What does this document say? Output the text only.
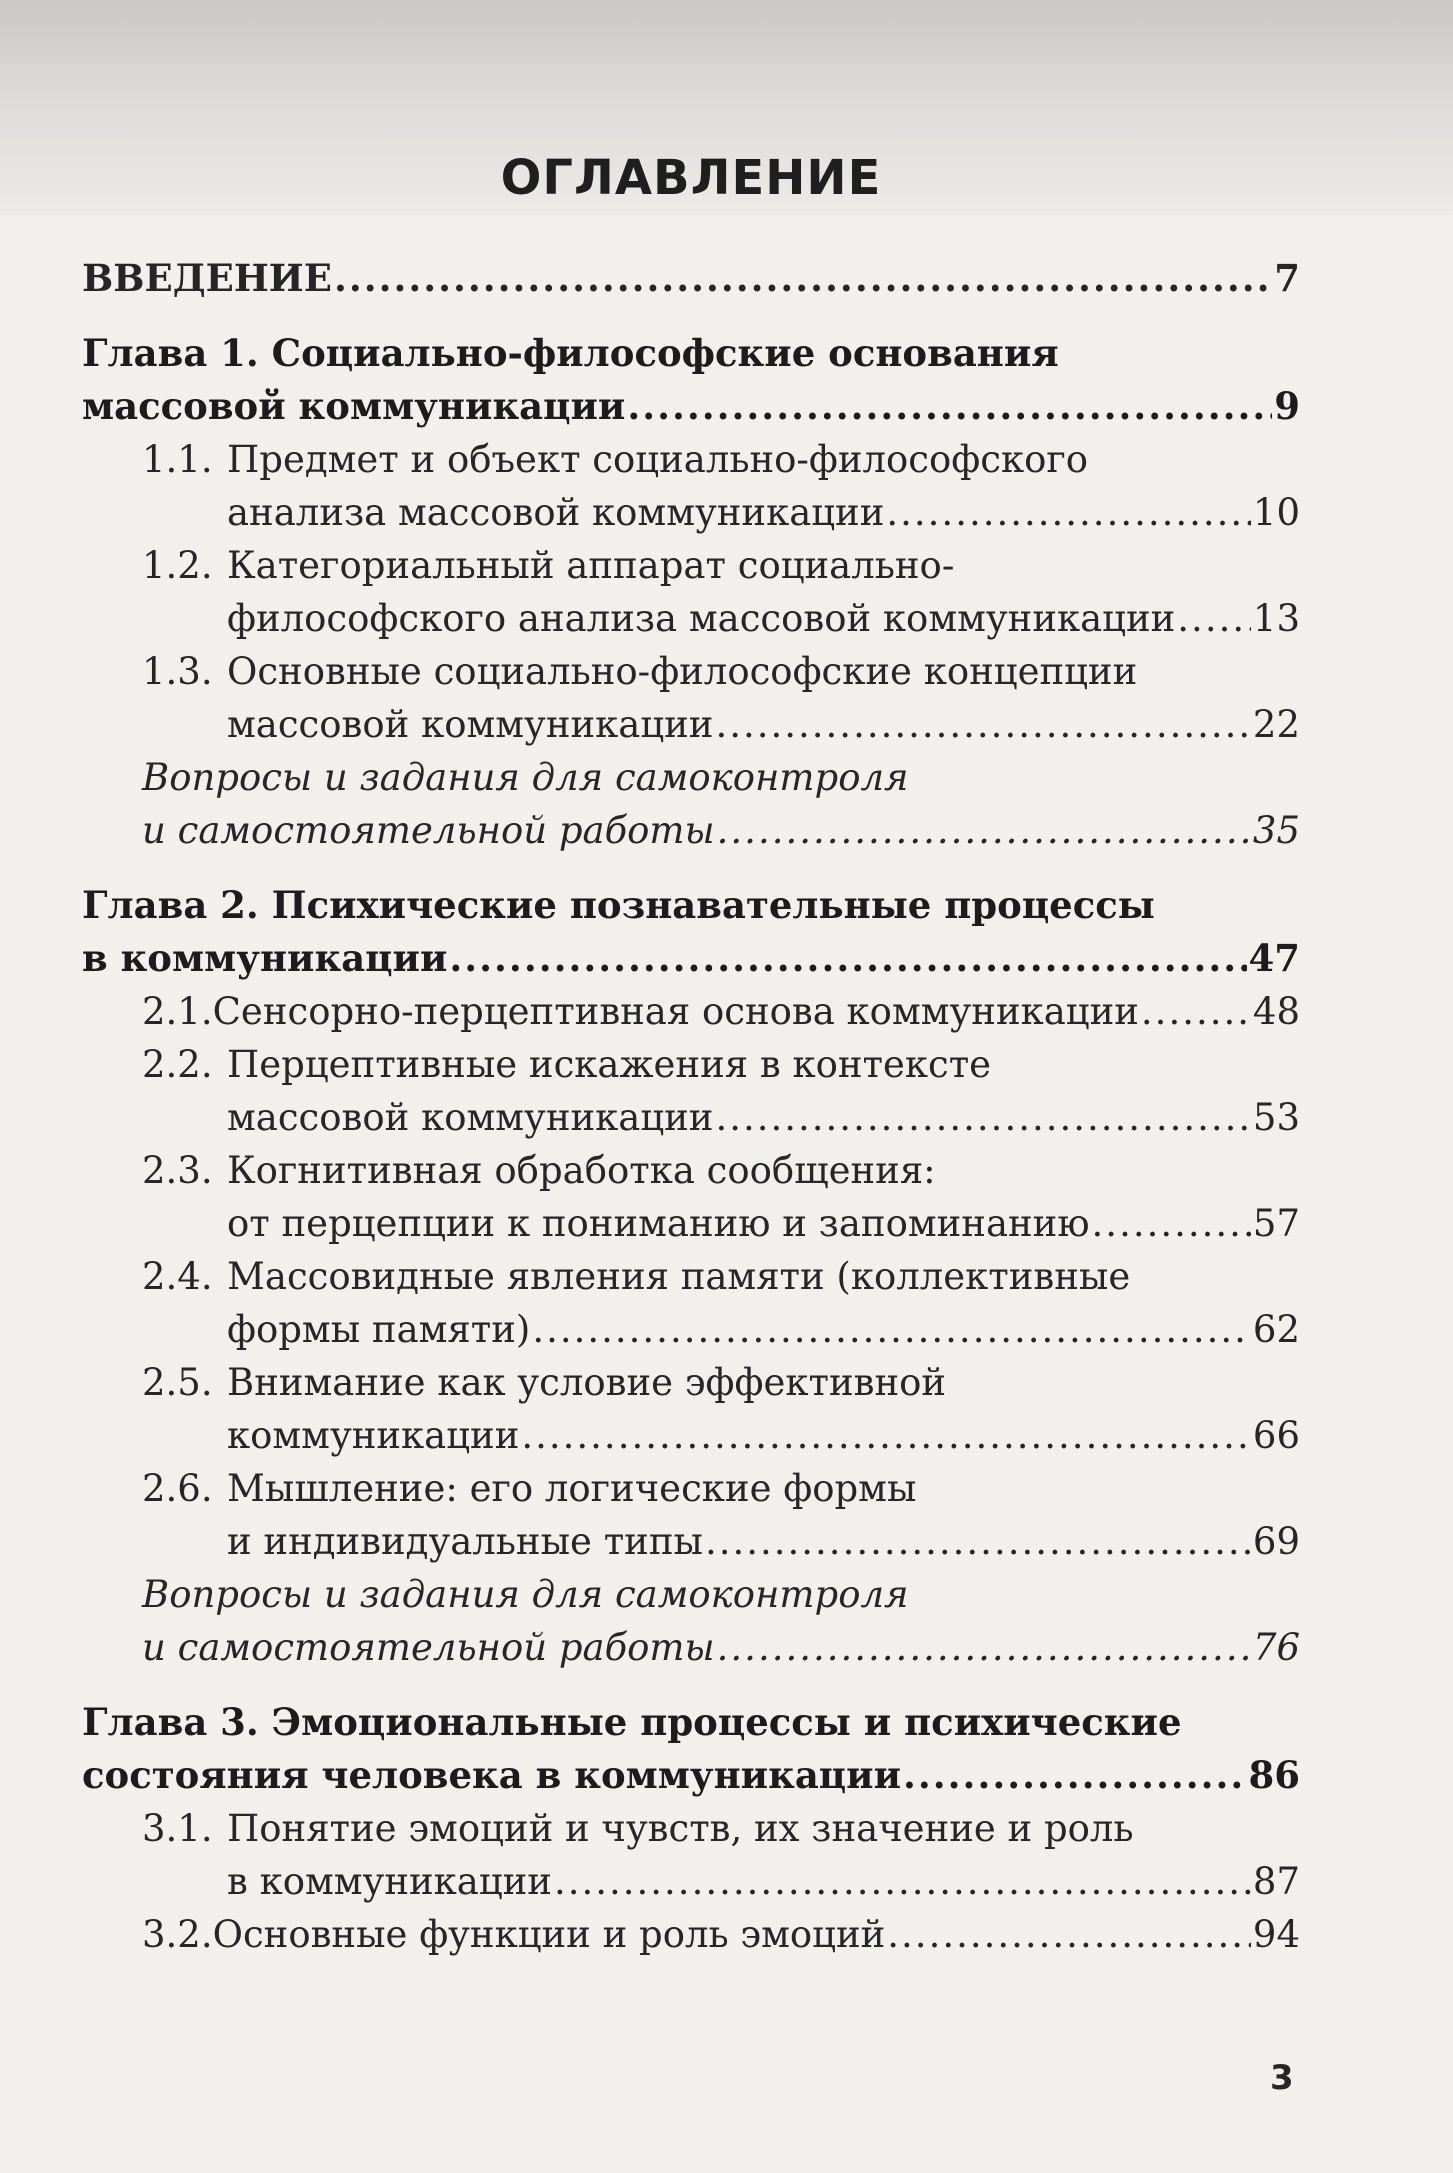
ОГЛАВЛЕНИЕ
ВВЕДЕНИЕ .....	7
Глава 1. Социально-философские основания
массовой коммуникации .....	9
1.1. Предмет и объект социально-философского
анализа массовой коммуникации .....	10
1.2. Категориальный аппарат социально-
философского анализа массовой коммуникации ..... 13
1.3. Основные социально-философские концепции
массовой коммуникации .....	22
Вопросы и задания для самоконтроля
и самостоятельной работы .....	35
Глава 2. Психические познавательные процессы
в коммуникации .....	47
2.1. Сенсорно-перцептивная основа коммуникации .....	48
2.2. Перцептивные искажения в контексте
массовой коммуникации .....	53
2.3. Когнитивная обработка сообщения:
от перцепции к пониманию и запоминанию .....	57
2.4. Массовидные явления памяти (коллективные
формы памяти) .....	62
2.5. Внимание как условие эффективной
коммуникации .....	66
2.6. Мышление: его логические формы
и индивидуальные типы .....	69
Вопросы и задания для самоконтроля
и самостоятельной работы .....	76
Глава 3. Эмоциональные процессы и психические
состояния человека в коммуникации .....	86
3.1. Понятие эмоций и чувств, их значение и роль
в коммуникации .....	87
3.2. Основные функции и роль эмоций .....	94
3
